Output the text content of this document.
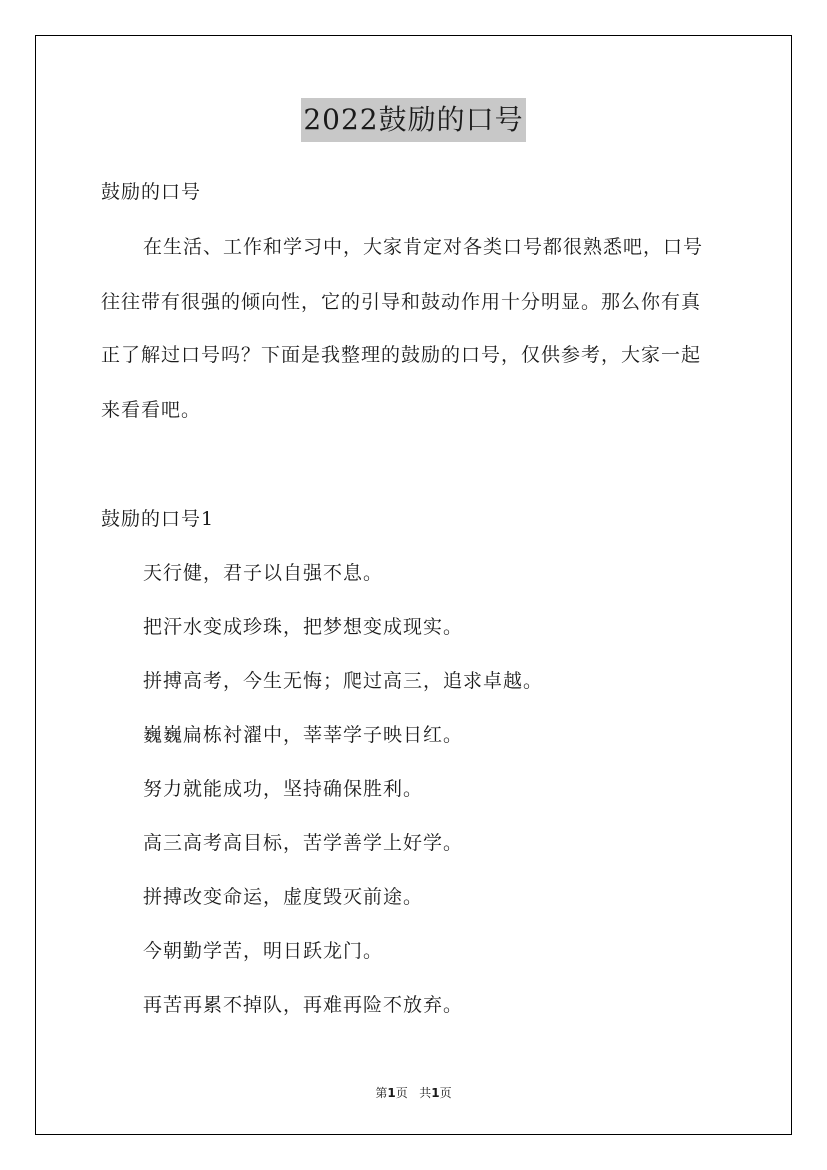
2022鼓励的口号
鼓励的口号
在生活、工作和学习中，大家肯定对各类口号都很熟悉吧，口号
往往带有很强的倾向性，它的引导和鼓动作用十分明显。那么你有真
正了解过口号吗？下面是我整理的鼓励的口号，仅供参考，大家一起
来看看吧。
鼓励的口号1
天行健，君子以自强不息。
把汗水变成珍珠，把梦想变成现实。
拼搏高考，今生无悔；爬过高三，追求卓越。
巍巍扁栋衬濯中，莘莘学子映日红。
努力就能成功，坚持确保胜利。
高三高考高目标，苦学善学上好学。
拼搏改变命运，虚度毁灭前途。
今朝勤学苦，明日跃龙门。
再苦再累不掉队，再难再险不放弃。
第1页 共1页
